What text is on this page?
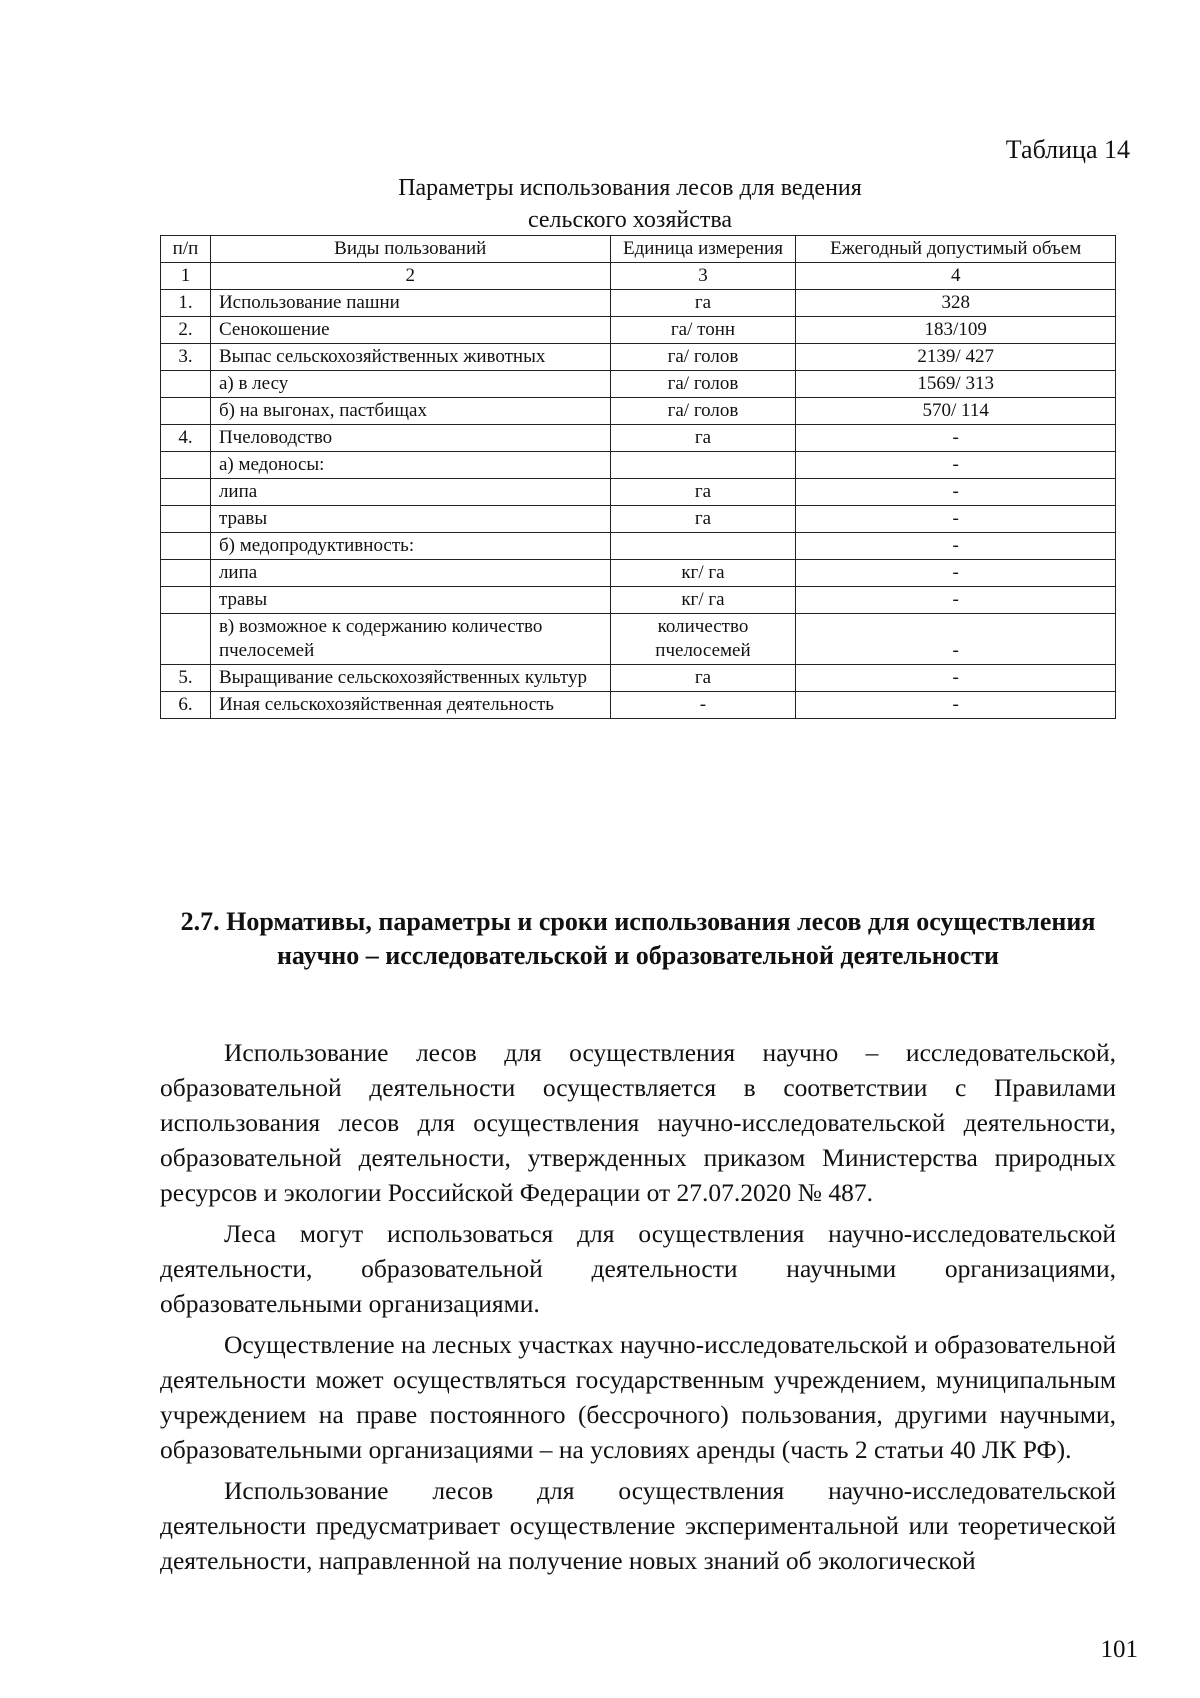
Таблица 14
Параметры использования лесов для ведения
сельского хозяйства
п/п	Виды пользований	Единица измерения	Ежегодный допустимый объем
1	2	3	4
1.	Использование пашни	га	328
2.	Сенокошение	га/ тонн	183/109
3.	Выпас сельскохозяйственных животных	га/ голов	2139/ 427
	а) в лесу	га/ голов	1569/ 313
	б) на выгонах, пастбищах	га/ голов	570/ 114
4.	Пчеловодство	га	-
	а) медоносы:		-
	липа	га	-
	травы	га	-
	б) медопродуктивность:		-
	липа	кг/ га	-
	травы	кг/ га	-
	в) возможное к содержанию количество пчелосемей	количество пчелосемей	-
5.	Выращивание сельскохозяйственных культур	га	-
6.	Иная сельскохозяйственная деятельность	-	-
2.7. Нормативы, параметры и сроки использования лесов для осуществления научно – исследовательской и образовательной деятельности

Использование лесов для осуществления научно – исследовательской, образовательной деятельности осуществляется в соответствии с Правилами использования лесов для осуществления научно-исследовательской деятельности, образовательной деятельности, утвержденных приказом Министерства природных ресурсов и экологии Российской Федерации от 27.07.2020 № 487.

Леса могут использоваться для осуществления научно-исследовательской деятельности, образовательной деятельности научными организациями, образовательными организациями.

Осуществление на лесных участках научно-исследовательской и образовательной деятельности может осуществляться государственным учреждением, муниципальным учреждением на праве постоянного (бессрочного) пользования, другими научными, образовательными организациями – на условиях аренды (часть 2 статьи 40 ЛК РФ).

Использование лесов для осуществления научно-исследовательской деятельности предусматривает осуществление экспериментальной или теоретической деятельности, направленной на получение новых знаний об экологической

101
